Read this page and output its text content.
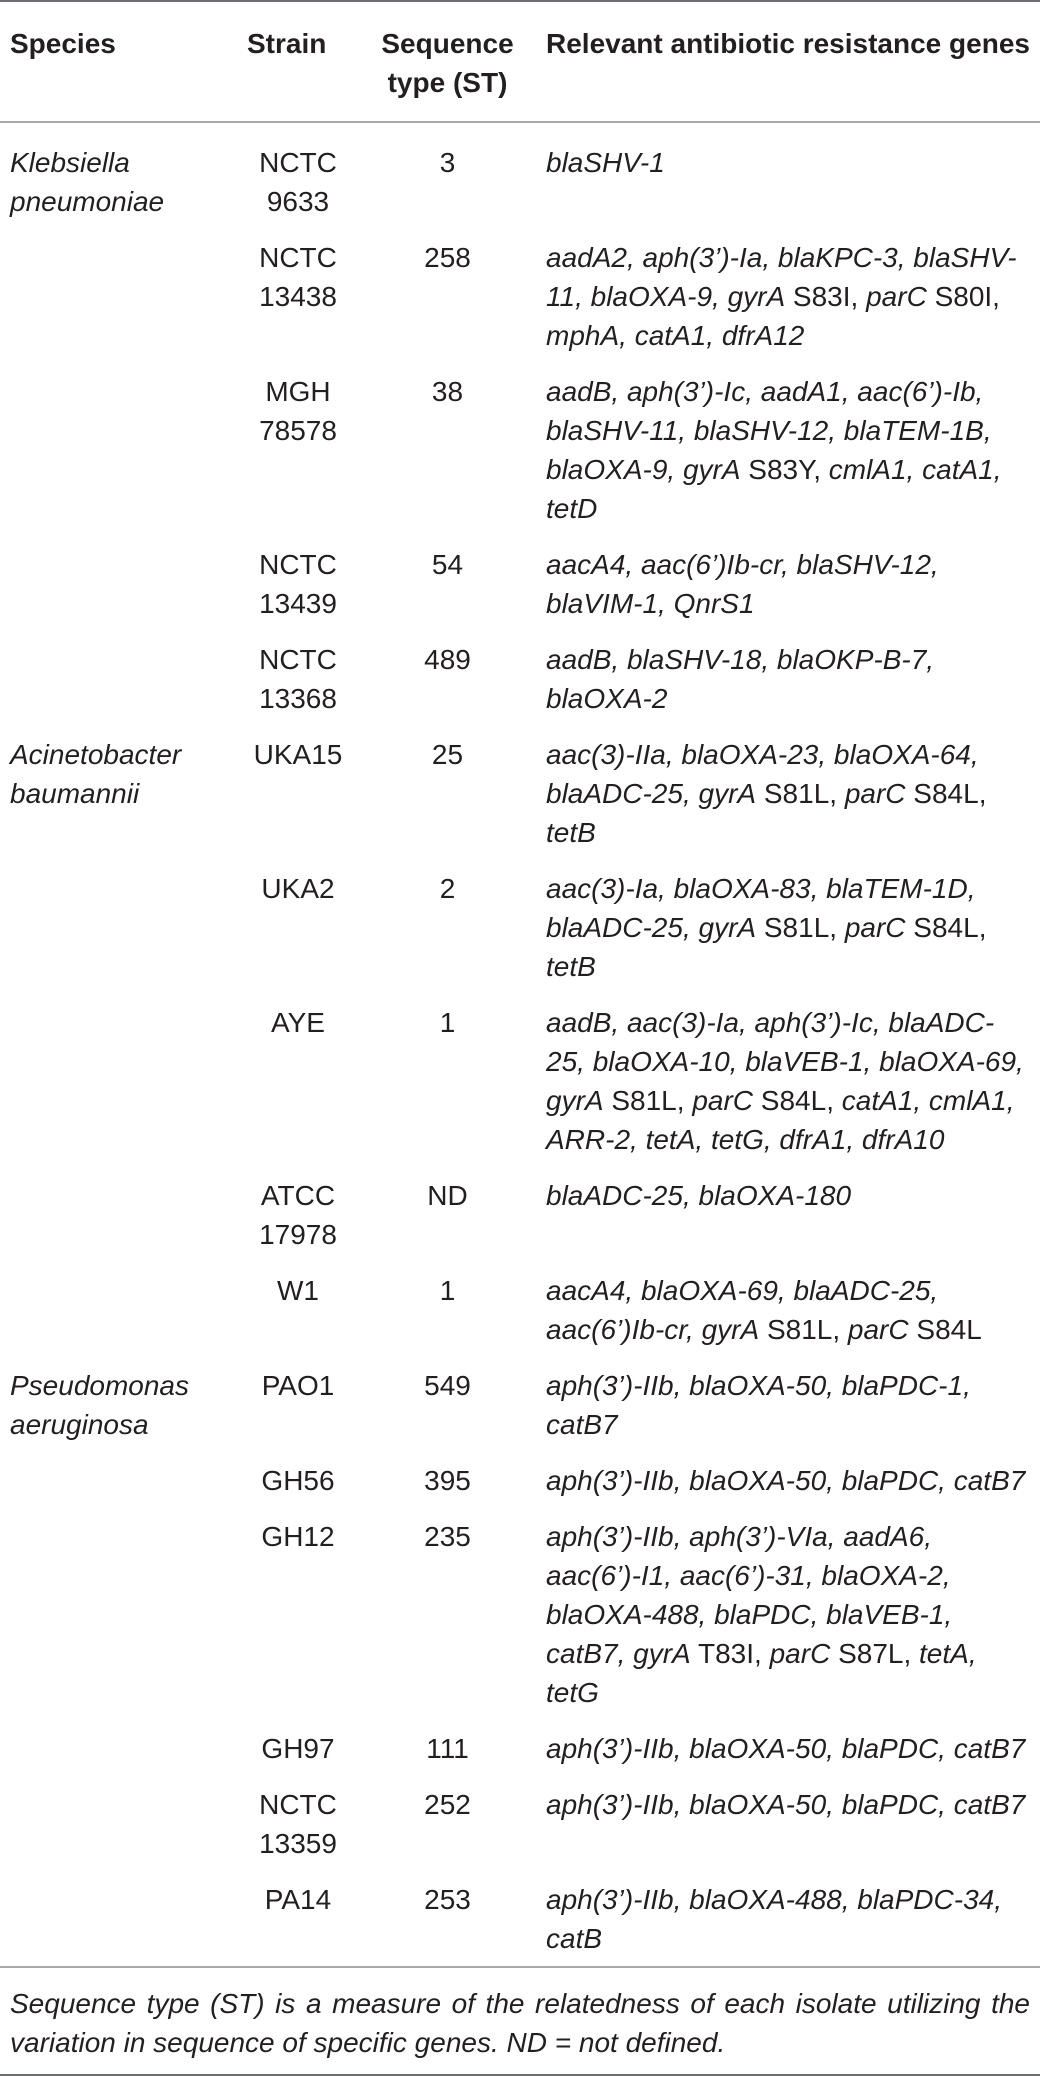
Species	Strain	Sequence type (ST)	Relevant antibiotic resistance genes
Klebsiella pneumoniae	NCTC 9633	3	blaSHV-1
	NCTC 13438	258	aadA2, aph(3’)-Ia, blaKPC-3, blaSHV-11, blaOXA-9, gyrA S83I, parC S80I, mphA, catA1, dfrA12
	MGH 78578	38	aadB, aph(3’)-Ic, aadA1, aac(6’)-Ib, blaSHV-11, blaSHV-12, blaTEM-1B, blaOXA-9, gyrA S83Y, cmlA1, catA1, tetD
	NCTC 13439	54	aacA4, aac(6’)Ib-cr, blaSHV-12, blaVIM-1, QnrS1
	NCTC 13368	489	aadB, blaSHV-18, blaOKP-B-7, blaOXA-2
Acinetobacter baumannii	UKA15	25	aac(3)-IIa, blaOXA-23, blaOXA-64, blaADC-25, gyrA S81L, parC S84L, tetB
	UKA2	2	aac(3)-Ia, blaOXA-83, blaTEM-1D, blaADC-25, gyrA S81L, parC S84L, tetB
	AYE	1	aadB, aac(3)-Ia, aph(3’)-Ic, blaADC-25, blaOXA-10, blaVEB-1, blaOXA-69, gyrA S81L, parC S84L, catA1, cmlA1, ARR-2, tetA, tetG, dfrA1, dfrA10
	ATCC 17978	ND	blaADC-25, blaOXA-180
	W1	1	aacA4, blaOXA-69, blaADC-25, aac(6’)Ib-cr, gyrA S81L, parC S84L
Pseudomonas aeruginosa	PAO1	549	aph(3’)-IIb, blaOXA-50, blaPDC-1, catB7
	GH56	395	aph(3’)-IIb, blaOXA-50, blaPDC, catB7
	GH12	235	aph(3’)-IIb, aph(3’)-VIa, aadA6, aac(6’)-I1, aac(6’)-31, blaOXA-2, blaOXA-488, blaPDC, blaVEB-1, catB7, gyrA T83I, parC S87L, tetA, tetG
	GH97	111	aph(3’)-IIb, blaOXA-50, blaPDC, catB7
	NCTC 13359	252	aph(3’)-IIb, blaOXA-50, blaPDC, catB7
	PA14	253	aph(3’)-IIb, blaOXA-488, blaPDC-34, catB
Sequence type (ST) is a measure of the relatedness of each isolate utilizing the variation in sequence of specific genes. ND = not defined.			
